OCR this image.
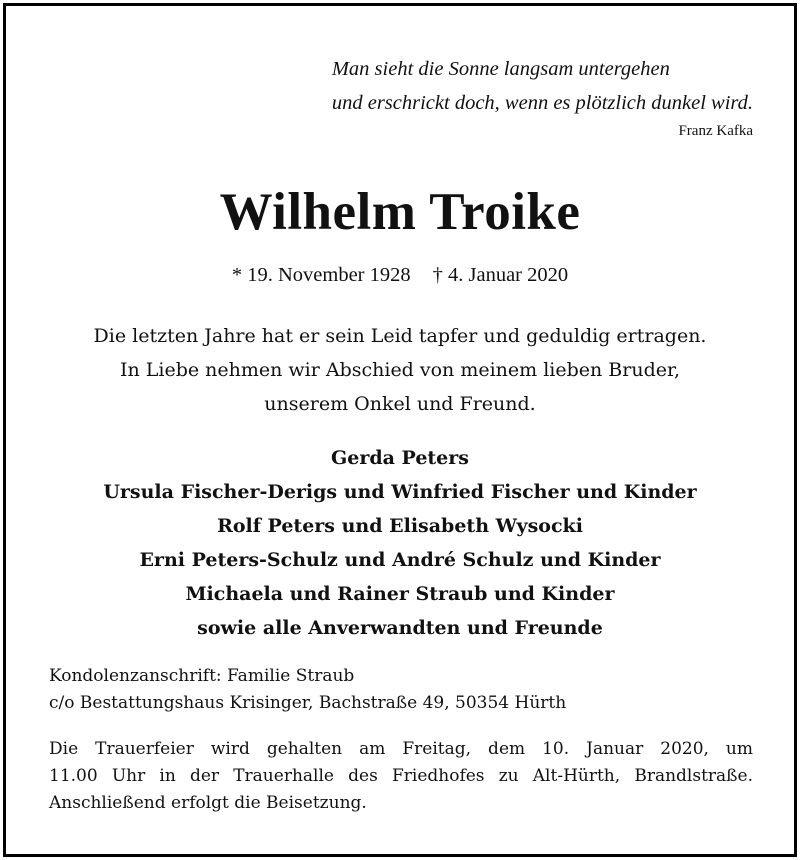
Man sieht die Sonne langsam untergehen
und erschrickt doch, wenn es plötzlich dunkel wird.
Franz Kafka
Wilhelm Troike
* 19. November 1928 † 4. Januar 2020
Die letzten Jahre hat er sein Leid tapfer und geduldig ertragen.
In Liebe nehmen wir Abschied von meinem lieben Bruder,
unserem Onkel und Freund.
Gerda Peters
Ursula Fischer-Derigs und Winfried Fischer und Kinder
Rolf Peters und Elisabeth Wysocki
Erni Peters-Schulz und André Schulz und Kinder
Michaela und Rainer Straub und Kinder
sowie alle Anverwandten und Freunde
Kondolenzanschrift: Familie Straub
c/o Bestattungshaus Krisinger, Bachstraße 49, 50354 Hürth
Die Trauerfeier wird gehalten am Freitag, dem 10. Januar 2020, um
11.00 Uhr in der Trauerhalle des Friedhofes zu Alt-Hürth, Brandlstraße.
Anschließend erfolgt die Beisetzung.
